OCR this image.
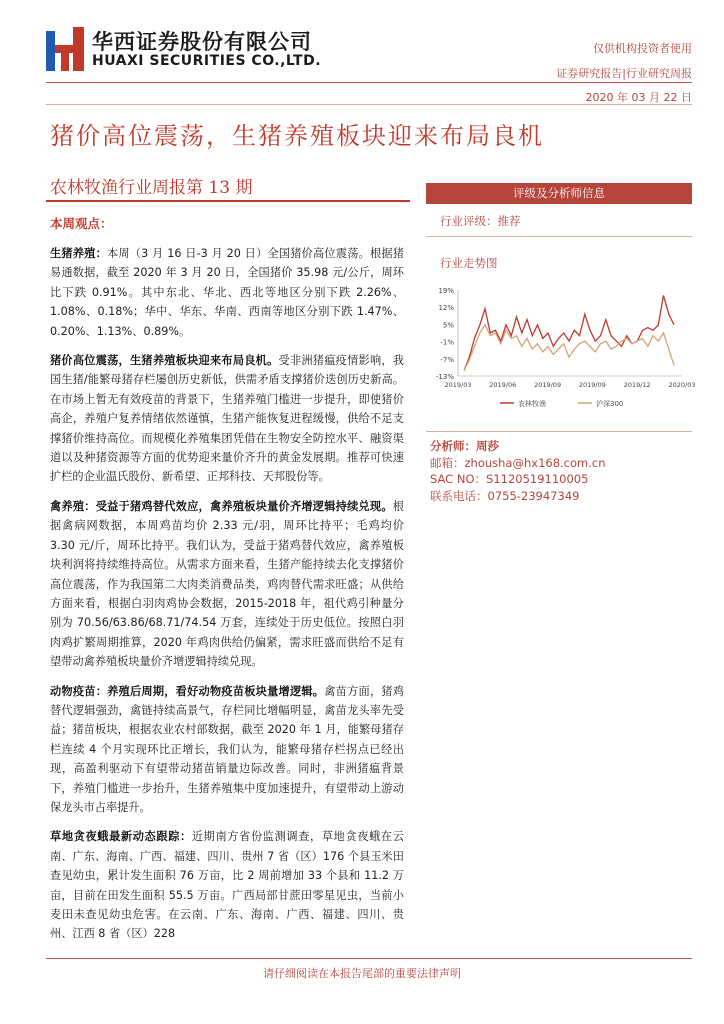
华西证券股份有限公司
HUAXI SECURITIES CO.,LTD.
仅供机构投资者使用
证券研究报告|行业研究周报
2020 年 03 月 22 日
猪价高位震荡，生猪养殖板块迎来布局良机
农林牧渔行业周报第 13 期
本周观点：

生猪养殖：本周（3 月 16 日-3 月 20 日）全国猪价高位震荡。根据猪易通数据，截至 2020 年 3 月 20 日，全国猪价 35.98 元/公斤，周环比下跌 0.91%。其中东北、华北、西北等地区分别下跌 2.26%、1.08%、0.18%；华中、华东、华南、西南等地区分别下跌 1.47%、0.20%、1.13%、0.89%。

猪价高位震荡，生猪养殖板块迎来布局良机。受非洲猪瘟疫情影响，我国生猪/能繁母猪存栏屡创历史新低，供需矛盾支撑猪价迭创历史新高。在市场上暂无有效疫苗的背景下，生猪养殖门槛进一步提升，即使猪价高企，养殖户复养情绪依然谨慎，生猪产能恢复进程缓慢，供给不足支撑猪价维持高位。而规模化养殖集团凭借在生物安全防控水平、融资渠道以及种猪资源等方面的优势迎来量价齐升的黄金发展期。推荐可快速扩栏的企业温氏股份、新希望、正邦科技、天邦股份等。

禽养殖：受益于猪鸡替代效应，禽养殖板块量价齐增逻辑持续兑现。根据禽病网数据，本周鸡苗均价 2.33 元/羽，周环比持平；毛鸡均价 3.30 元/斤，周环比持平。我们认为，受益于猪鸡替代效应，禽养殖板块利润将持续维持高位。从需求方面来看，生猪产能持续去化支撑猪价高位震荡，作为我国第二大肉类消费品类，鸡肉替代需求旺盛；从供给方面来看，根据白羽肉鸡协会数据，2015-2018 年，祖代鸡引种量分别为 70.56/63.86/68.71/74.54 万套，连续处于历史低位。按照白羽肉鸡扩繁周期推算，2020 年鸡肉供给仍偏紧，需求旺盛而供给不足有望带动禽养殖板块量价齐增逻辑持续兑现。

动物疫苗：养殖后周期，看好动物疫苗板块量增逻辑。禽苗方面，猪鸡替代逻辑强劲，禽链持续高景气，存栏同比增幅明显，禽苗龙头率先受益；猪苗板块，根据农业农村部数据，截至 2020 年 1 月，能繁母猪存栏连续 4 个月实现环比正增长，我们认为，能繁母猪存栏拐点已经出现，高盈利驱动下有望带动猪苗销量边际改善。同时，非洲猪瘟背景下，养殖门槛进一步抬升，生猪养殖集中度加速提升，有望带动上游动保龙头市占率提升。

草地贪夜蛾最新动态跟踪：近期南方省份监测调查，草地贪夜蛾在云南、广东、海南、广西、福建、四川、贵州 7 省（区）176 个县玉米田查见幼虫，累计发生面积 76 万亩，比 2 周前增加 33 个县和 11.2 万亩，目前在田发生面积 55.5 万亩。广西局部甘蔗田零星见虫，当前小麦田未查见幼虫危害。在云南、广东、海南、广西、福建、四川、贵州、江西 8 省（区）228

评级及分析师信息
行业评级：推荐
行业走势图
19%
12%
5%
-1%
-7%
-13%
2019/03	2019/06	2019/09	2019/09	2019/12	2020/03
农林牧渔	沪深300
分析师：周莎
邮箱：zhousha@hx168.com.cn
SAC NO：S1120519110005
联系电话：0755-23947349
请仔细阅读在本报告尾部的重要法律声明
